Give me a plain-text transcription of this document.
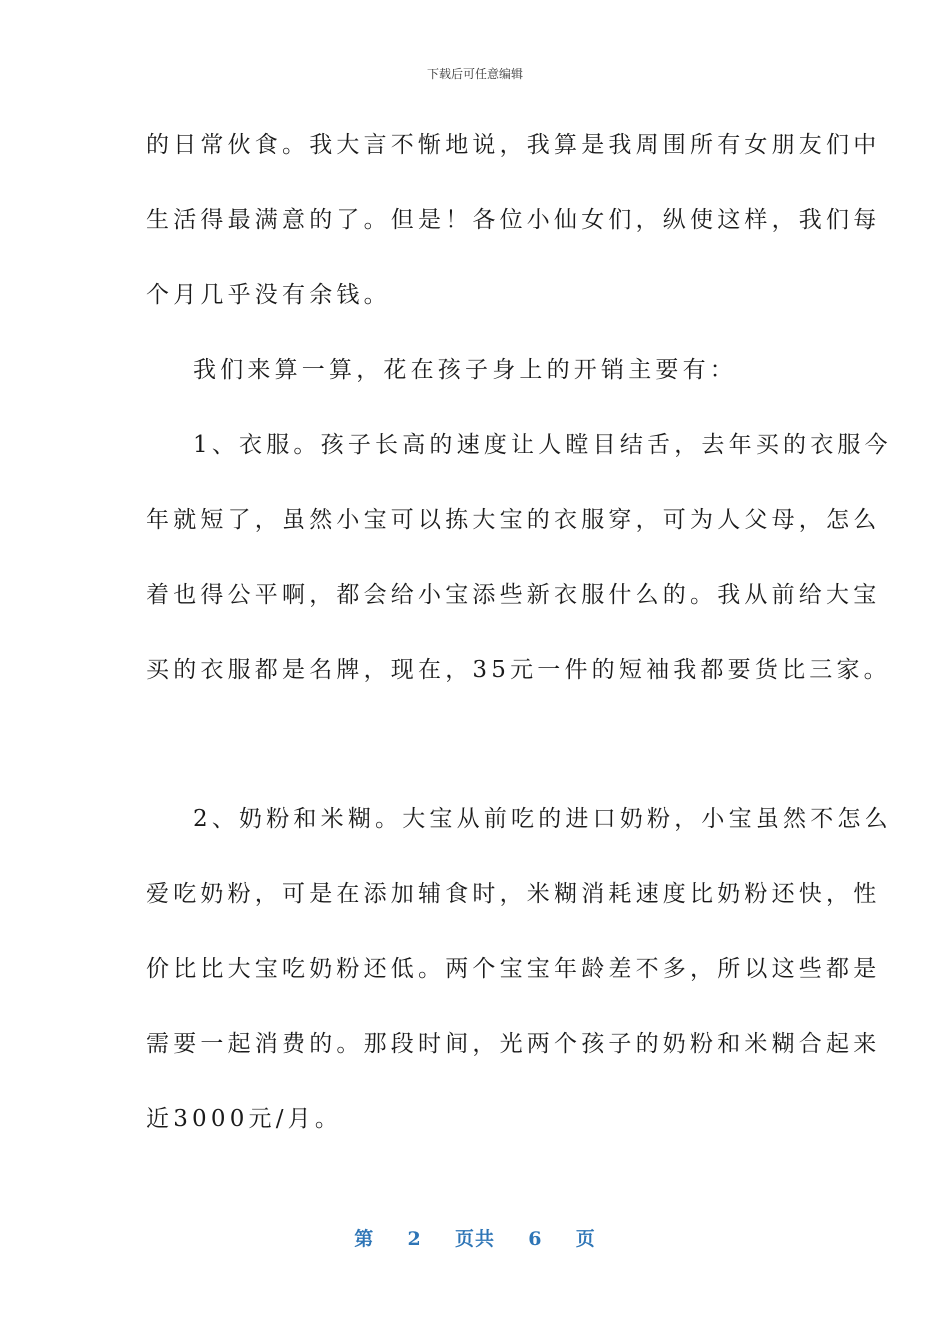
下载后可任意编辑
的日常伙食。我大言不惭地说，我算是我周围所有女朋友们中
生活得最满意的了。但是！各位小仙女们，纵使这样，我们每
个月几乎没有余钱。
我们来算一算，花在孩子身上的开销主要有：
1、衣服。孩子长高的速度让人瞠目结舌，去年买的衣服今
年就短了，虽然小宝可以拣大宝的衣服穿，可为人父母，怎么
着也得公平啊，都会给小宝添些新衣服什么的。我从前给大宝
买的衣服都是名牌，现在，35元一件的短袖我都要货比三家。
2、奶粉和米糊。大宝从前吃的进口奶粉，小宝虽然不怎么
爱吃奶粉，可是在添加辅食时，米糊消耗速度比奶粉还快，性
价比比大宝吃奶粉还低。两个宝宝年龄差不多，所以这些都是
需要一起消费的。那段时间，光两个孩子的奶粉和米糊合起来
近3000元/月。
第 2 页共 6 页
